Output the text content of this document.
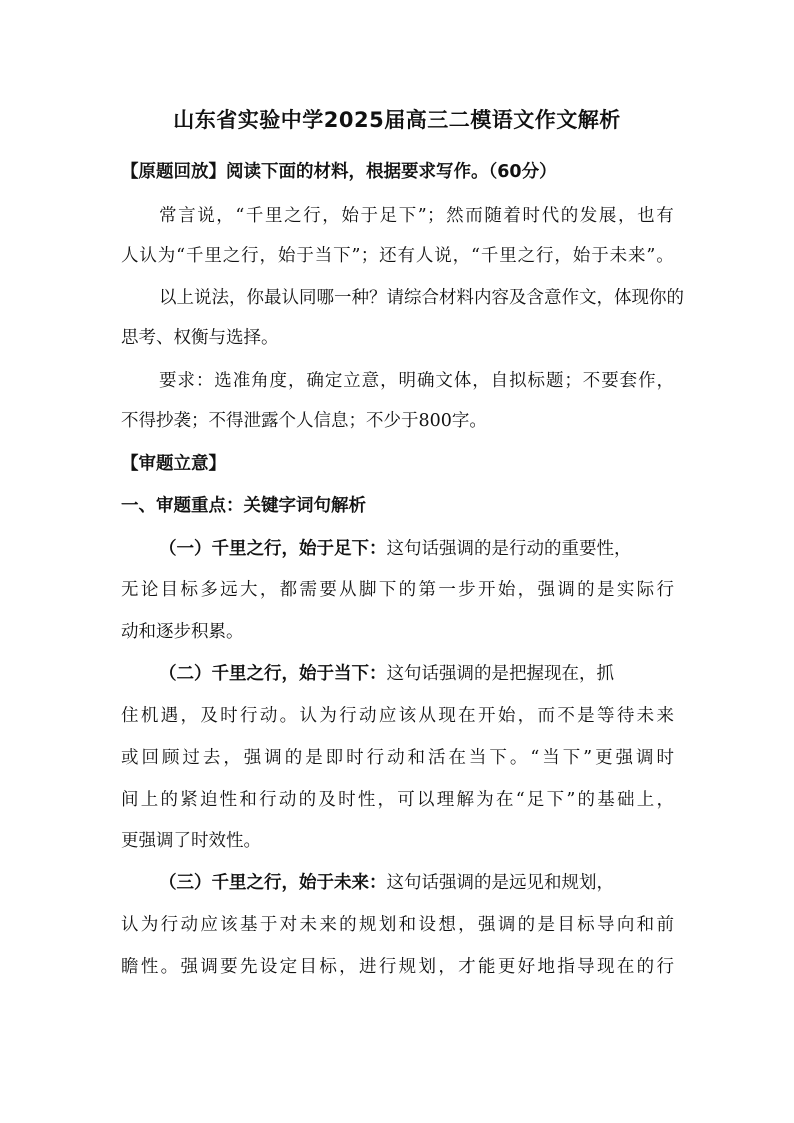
山东省实验中学2025届高三二模语文作文解析
【原题回放】阅读下面的材料，根据要求写作。（60分）
常言说，“千里之行，始于足下”；然而随着时代的发展，也有
人认为“千里之行，始于当下”；还有人说，“千里之行，始于未来”。
以上说法，你最认同哪一种？请综合材料内容及含意作文，体现你的
思考、权衡与选择。
要求：选准角度，确定立意，明确文体，自拟标题；不要套作，
不得抄袭；不得泄露个人信息；不少于800字。
【审题立意】
一、审题重点：关键字词句解析
（一）千里之行，始于足下：这句话强调的是行动的重要性，
无论目标多远大，都需要从脚下的第一步开始，强调的是实际行
动和逐步积累。
（二）千里之行，始于当下：这句话强调的是把握现在，抓
住机遇，及时行动。认为行动应该从现在开始，而不是等待未来
或回顾过去，强调的是即时行动和活在当下。“当下”更强调时
间上的紧迫性和行动的及时性，可以理解为在“足下”的基础上，
更强调了时效性。
（三）千里之行，始于未来：这句话强调的是远见和规划，
认为行动应该基于对未来的规划和设想，强调的是目标导向和前
瞻性。强调要先设定目标，进行规划，才能更好地指导现在的行
